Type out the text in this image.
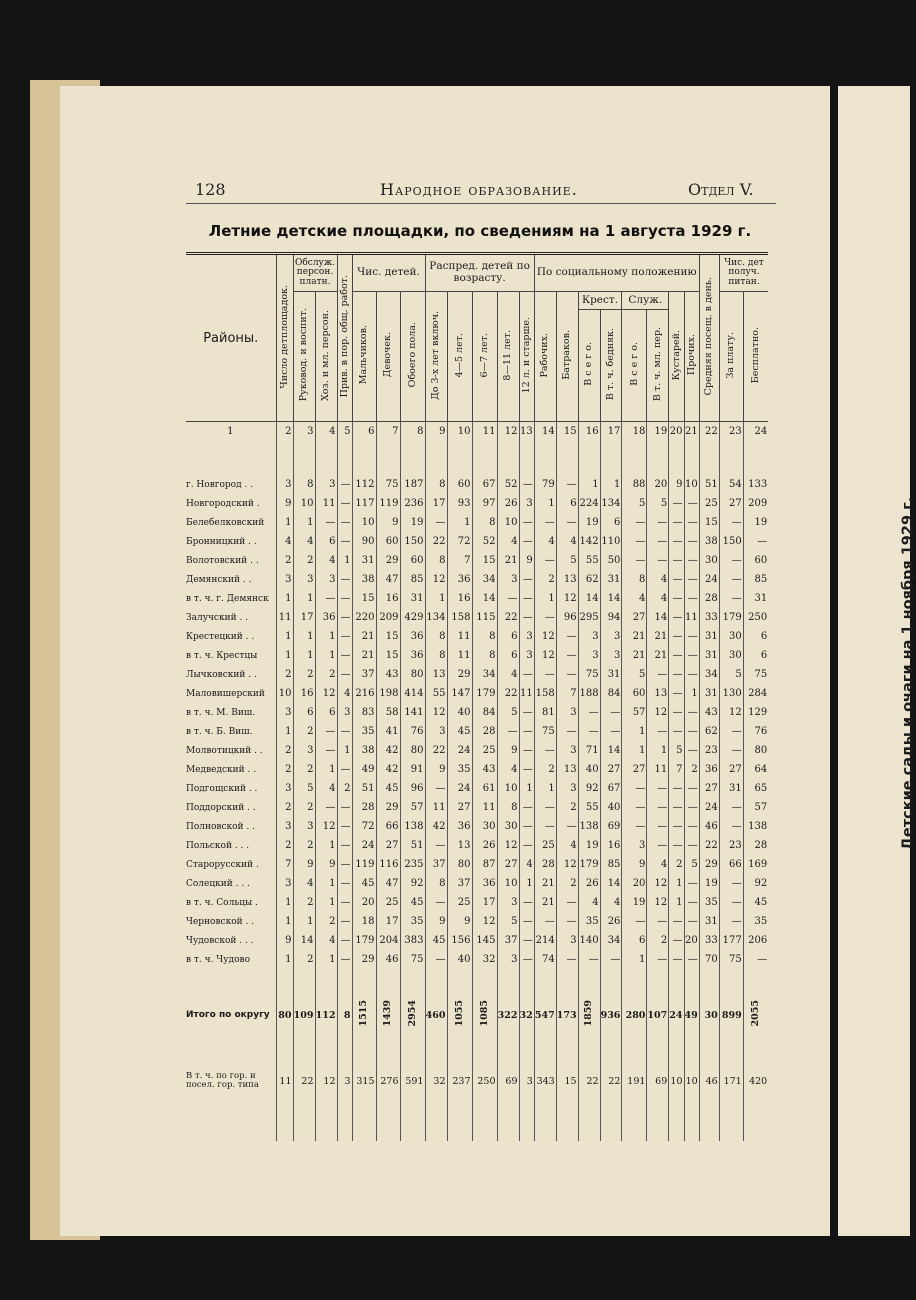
Детские сады и очаги на 1 ноября 1929 г.
128	Народное образование.	Отдел V.
Летние детские площадки, по сведениям на 1 августа 1929 г.
Районы.	Число детплощадок.	Обслуж. персон. платн.		Прив. в пор. общ. работ.	Чис. детей.			Распред. детей по возрасту.					По социальному положению								Средняя посещ. в день.	Чис. дет получ. питан.	
		Руковод. и воспит.	Хоз. и мл. персон.		Мальчиков.	Девочек.	Обоего пола.	До 3-х лет включ.	4—5 лет.	6—7 лет.	8—11 лет.	12 л. и старше.	Рабочих.	Батраков.	Крест.		Служ.		Кустарей.	Прочих.		За плату.	Бесплатно.
															В с е г о.	В т. ч. бедняк.	В с е г о.	В т. ч. мл. пер.					
1	2	3	4	5	6	7	8	9	10	11	12	13	14	15	16	17	18	19	20	21	22	23	24

г. Новгород . .	3	8	3	—	112	75	187	8	60	67	52	—	79	—	1	1	88	20	9	10	51	54	133
Новгородский .	9	10	11	—	117	119	236	17	93	97	26	3	1	6	224	134	5	5	—	—	25	27	209
Белебелковский	1	1	—	—	10	9	19	—	1	8	10	—	—	—	19	6	—	—	—	—	15	—	19
Бронницкий . .	4	4	6	—	90	60	150	22	72	52	4	—	4	4	142	110	—	—	—	—	38	150	—
Волотовский . .	2	2	4	1	31	29	60	8	7	15	21	9	—	5	55	50	—	—	—	—	30	—	60
Демянский . .	3	3	3	—	38	47	85	12	36	34	3	—	2	13	62	31	8	4	—	—	24	—	85
в т. ч. г. Демянск	1	1	—	—	15	16	31	1	16	14	—	—	1	12	14	14	4	4	—	—	28	—	31
Залучский . .	11	17	36	—	220	209	429	134	158	115	22	—	—	96	295	94	27	14	—	11	33	179	250
Крестецкий . .	1	1	1	—	21	15	36	8	11	8	6	3	12	—	3	3	21	21	—	—	31	30	6
в т. ч. Крестцы	1	1	1	—	21	15	36	8	11	8	6	3	12	—	3	3	21	21	—	—	31	30	6
Лычковский . .	2	2	2	—	37	43	80	13	29	34	4	—	—	—	75	31	5	—	—	—	34	5	75
Маловишерский	10	16	12	4	216	198	414	55	147	179	22	11	158	7	188	84	60	13	—	1	31	130	284
в т. ч. М. Виш.	3	6	6	3	83	58	141	12	40	84	5	—	81	3	—	—	57	12	—	—	43	12	129
в т. ч. Б. Виш.	1	2	—	—	35	41	76	3	45	28	—	—	75	—	—	—	1	—	—	—	62	—	76
Молвотицкий . .	2	3	—	1	38	42	80	22	24	25	9	—	—	3	71	14	1	1	5	—	23	—	80
Медведский . .	2	2	1	—	49	42	91	9	35	43	4	—	2	13	40	27	27	11	7	2	36	27	64
Подгощский . .	3	5	4	2	51	45	96	—	24	61	10	1	1	3	92	67	—	—	—	—	27	31	65
Поддорский . .	2	2	—	—	28	29	57	11	27	11	8	—	—	2	55	40	—	—	—	—	24	—	57
Полновской . .	3	3	12	—	72	66	138	42	36	30	30	—	—	—	138	69	—	—	—	—	46	—	138
Польской . . .	2	2	1	—	24	27	51	—	13	26	12	—	25	4	19	16	3	—	—	—	22	23	28
Старорусский .	7	9	9	—	119	116	235	37	80	87	27	4	28	12	179	85	9	4	2	5	29	66	169
Солецкий . . .	3	4	1	—	45	47	92	8	37	36	10	1	21	2	26	14	20	12	1	—	19	—	92
в т. ч. Сольцы .	1	2	1	—	20	25	45	—	25	17	3	—	21	—	4	4	19	12	1	—	35	—	45
Черновской . .	1	1	2	—	18	17	35	9	9	12	5	—	—	—	35	26	—	—	—	—	31	—	35
Чудовской . . .	9	14	4	—	179	204	383	45	156	145	37	—	214	3	140	34	6	2	—	20	33	177	206
в т. ч. Чудово	1	2	1	—	29	46	75	—	40	32	3	—	74	—	—	—	1	—	—	—	70	75	—

Итого по округу	80	109	112	8	1515	1439	2954	460	1055	1085	322	32	547	173	1859	936	280	107	24	49	30	899	2055

В т. ч. по гор. и посел. гор. типа	11	22	12	3	315	276	591	32	237	250	69	3	343	15	22	22	191	69	10	10	46	171	420
